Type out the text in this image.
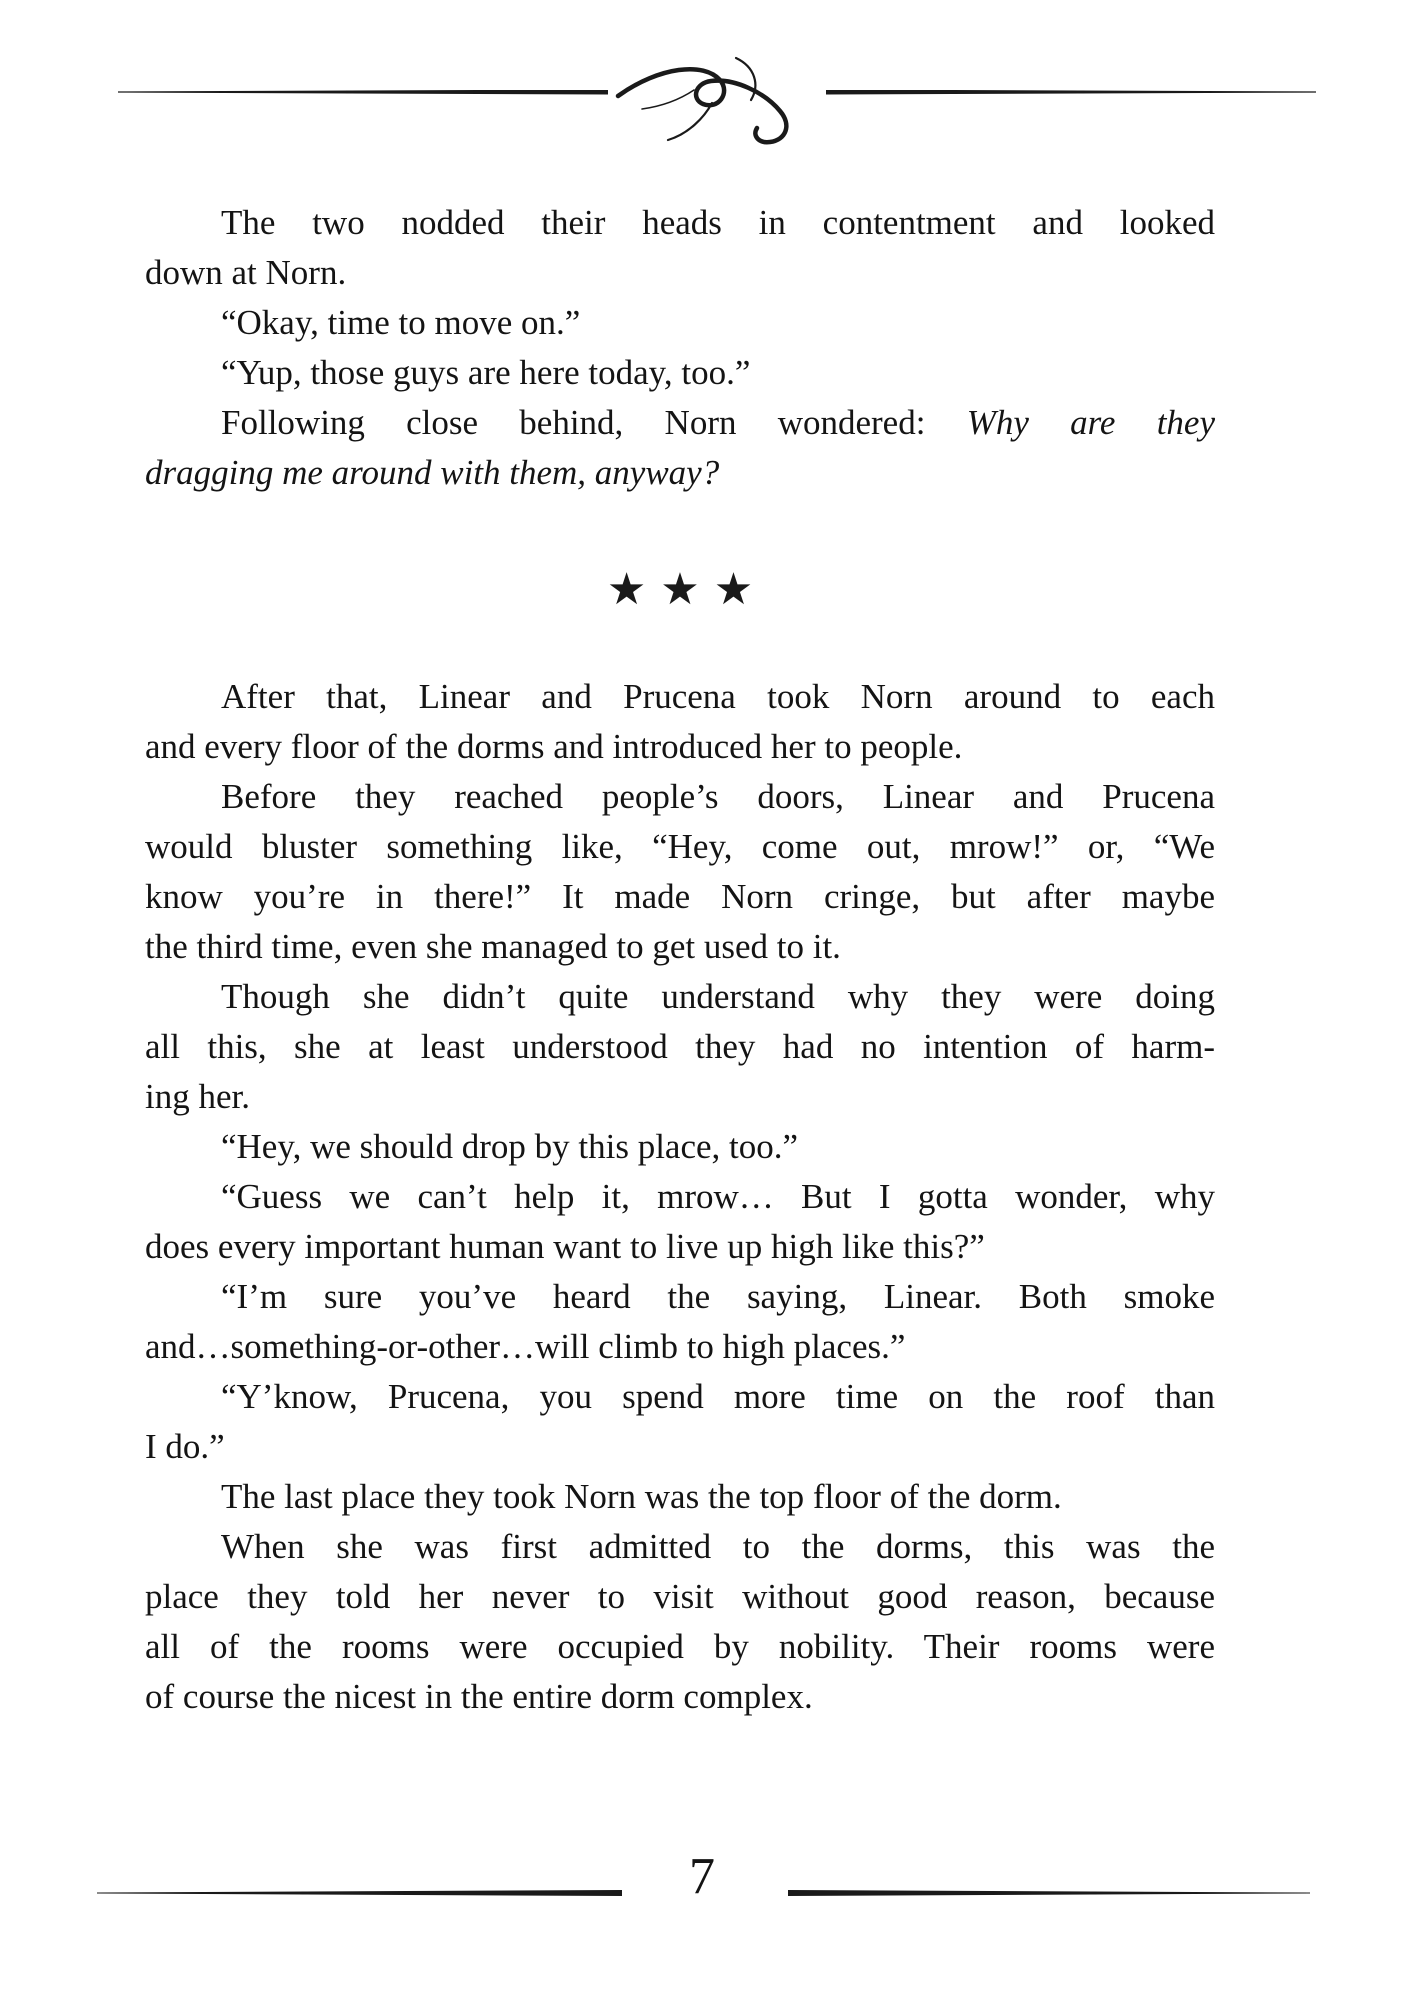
The two nodded their heads in contentment and looked
down at Norn.
“Okay, time to move on.”
“Yup, those guys are here today, too.”
Following close behind, Norn wondered: Why are they
dragging me around with them, anyway?
★★★
After that, Linear and Prucena took Norn around to each
and every floor of the dorms and introduced her to people.
Before they reached people’s doors, Linear and Prucena
would bluster something like, “Hey, come out, mrow!” or, “We
know you’re in there!” It made Norn cringe, but after maybe
the third time, even she managed to get used to it.
Though she didn’t quite understand why they were doing
all this, she at least understood they had no intention of harm-
ing her.
“Hey, we should drop by this place, too.”
“Guess we can’t help it, mrow… But I gotta wonder, why
does every important human want to live up high like this?”
“I’m sure you’ve heard the saying, Linear. Both smoke
and…something-or-other…will climb to high places.”
“Y’know, Prucena, you spend more time on the roof than
I do.”
The last place they took Norn was the top floor of the dorm.
When she was first admitted to the dorms, this was the
place they told her never to visit without good reason, because
all of the rooms were occupied by nobility. Their rooms were
of course the nicest in the entire dorm complex.
7
